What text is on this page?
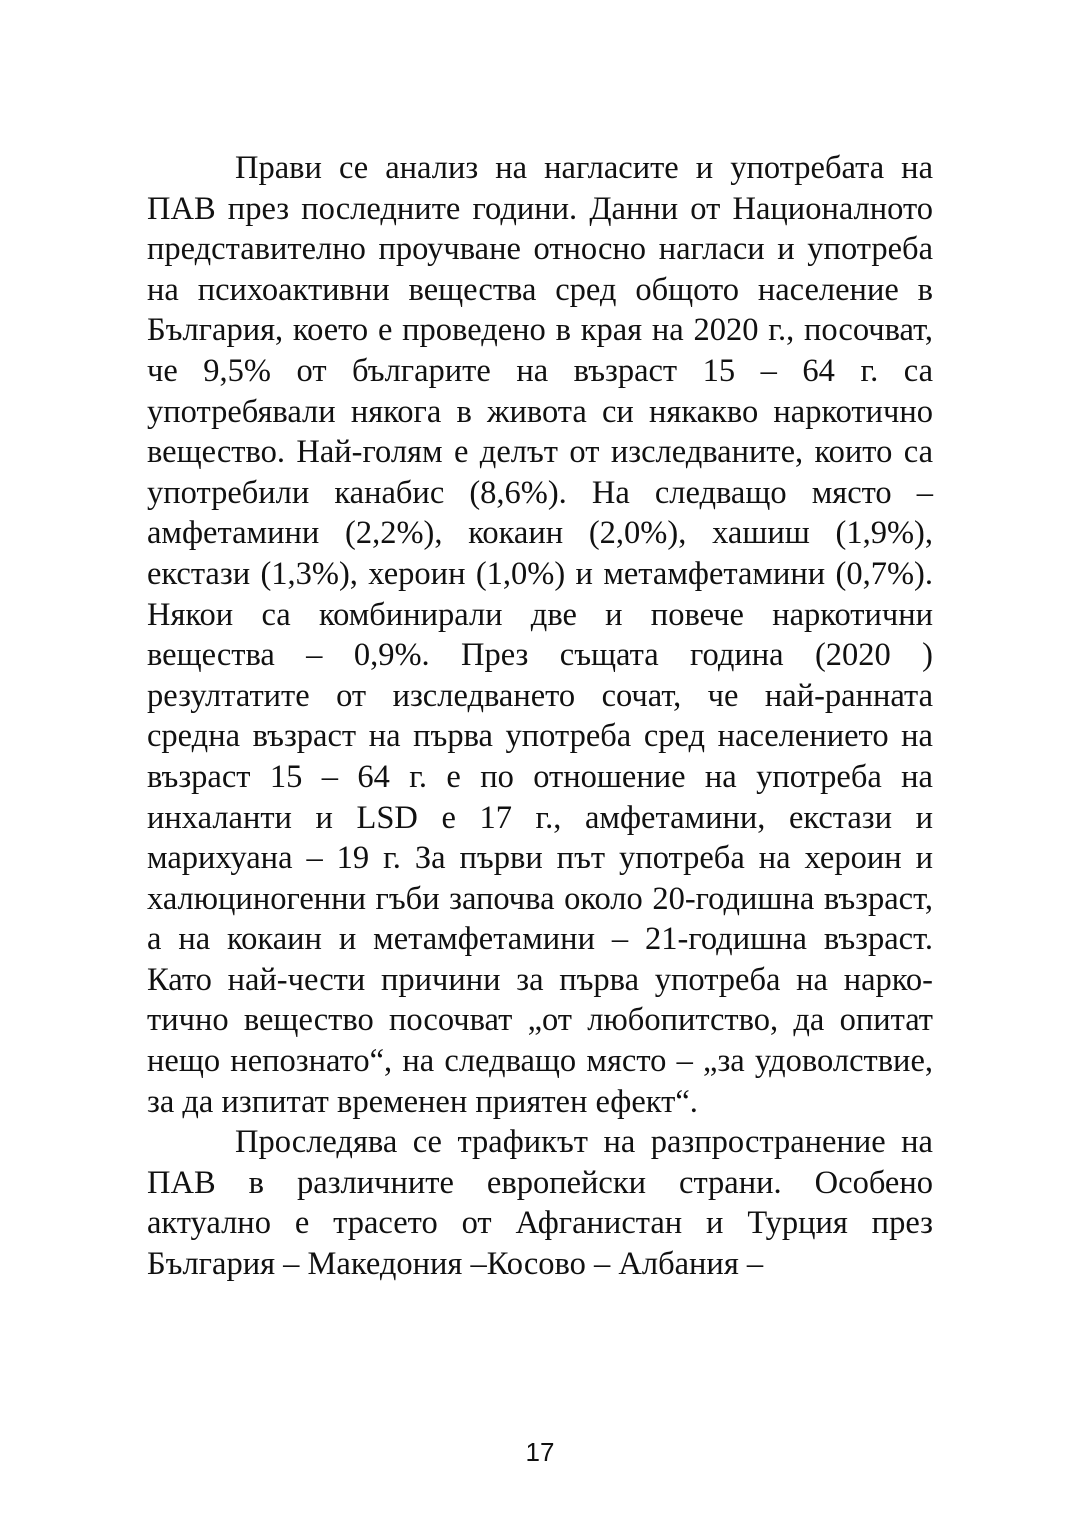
Прави се анализ на нагласите и употребата на ПАВ през последните години. Данни от Националното представително проучване относно нагласи и употреба на психоактивни вещества сред общото население в България, което е проведено в края на 2020 г., посочват, че 9,5% от българите на възраст 15 – 64 г. са употребявали някога в живота си някакво наркотично вещество. Най-голям е делът от изследваните, които са употребили канабис (8,6%). На следващо място – амфетамини (2,2%), кокаин (2,0%), хашиш (1,9%), екстази (1,3%), хероин (1,0%) и метамфетамини (0,7%). Някои са комбинирали две и повече наркотични вещества – 0,9%. През същата година (2020 ) резултатите от изследването сочат, че най-ранната средна възраст на първа употреба сред населението на възраст 15 – 64 г. е по отношение на употреба на инхаланти и LSD е 17 г., амфетамини, екстази и марихуана – 19 г. За първи път употреба на хероин и халюциногенни гъби започва около 20-годишна възраст, а на кокаин и метамфетамини – 21-годишна възраст. Като най-чести причини за първа употреба на наркотично вещество посочват „от любопитство, да опитат нещо непознато“, на следващо място – „за удоволствие, за да изпитат временен приятен ефект“.

Проследява се трафикът на разпространение на ПАВ в различните европейски страни. Особено актуално е трасето от Афганистан и Турция през България – Македония –Косово – Албания –

17
